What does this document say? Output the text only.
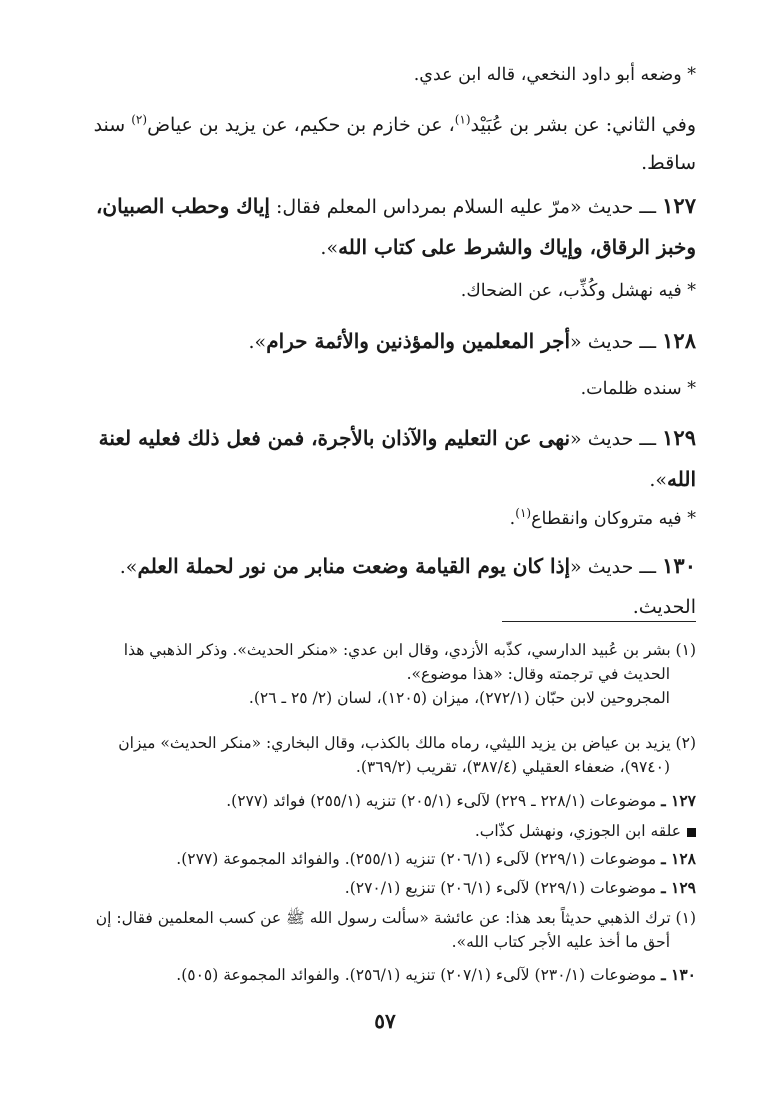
* وضعه أبو داود النخعي، قاله ابن عدي.
وفي الثاني: عن بشر بن عُبَيْد$^{(١)}$، عن خازم بن حكيم، عن يزيد بن عياض$^{(٢)}$ سند
ساقط.
١٢٧ ـــ حديث «مرّ عليه السلام بمرداس المعلم فقال: إياك وحطب الصبيان،
وخبز الرقاق، وإياك والشرط على كتاب الله».
* فيه نهشل وكُذِّب، عن الضحاك.
١٢٨ ـــ حديث «أجر المعلمين والمؤذنين والأئمة حرام».
* سنده ظلمات.
١٢٩ ـــ حديث «نهى عن التعليم والآذان بالأجرة، فمن فعل ذلك فعليه لعنة
الله».
* فيه متروكان وانقطاع$^{(١)}$.
١٣٠ ـــ حديث «إذا كان يوم القيامة وضعت منابر من نور لحملة العلم».
الحديث.
(١) بشر بن عُبيد الدارسي، كذّبه الأزدي، وقال ابن عدي: «منكر الحديث». وذكر الذهبي هذا

الحديث في ترجمته وقال: «هذا موضوع».
المجروحين لابن حبّان (٢٧٢/١)، ميزان (١٢٠٥)، لسان (٢/ ٢٥ ـ ٢٦).
(٢) يزيد بن عياض بن يزيد الليثي، رماه مالك بالكذب، وقال البخاري: «منكر الحديث» ميزان

(٩٧٤٠)، ضعفاء العقيلي (٣٨٧/٤)، تقريب (٣٦٩/٢).
١٢٧ ـ موضوعات (٢٢٨/١ ـ ٢٢٩) لآلىء (٢٠٥/١) تنزيه (٢٥٥/١) فوائد (٢٧٧).
علقه ابن الجوزي، ونهشل كذّاب.
١٢٨ ـ موضوعات (٢٢٩/١) لآلىء (٢٠٦/١) تنزيه (٢٥٥/١). والفوائد المجموعة (٢٧٧).
١٢٩ ـ موضوعات (٢٢٩/١) لآلىء (٢٠٦/١) تنزيع (٢٧٠/١).
(١) ترك الذهبي حديثاً بعد هذا: عن عائشة «سألت رسول الله ﷺ عن كسب المعلمين فقال: إن

أحق ما أخذ عليه الأجر كتاب الله».
١٣٠ ـ موضوعات (٢٣٠/١) لآلىء (٢٠٧/١) تنزيه (٢٥٦/١). والفوائد المجموعة (٥٠٥).
٥٧
